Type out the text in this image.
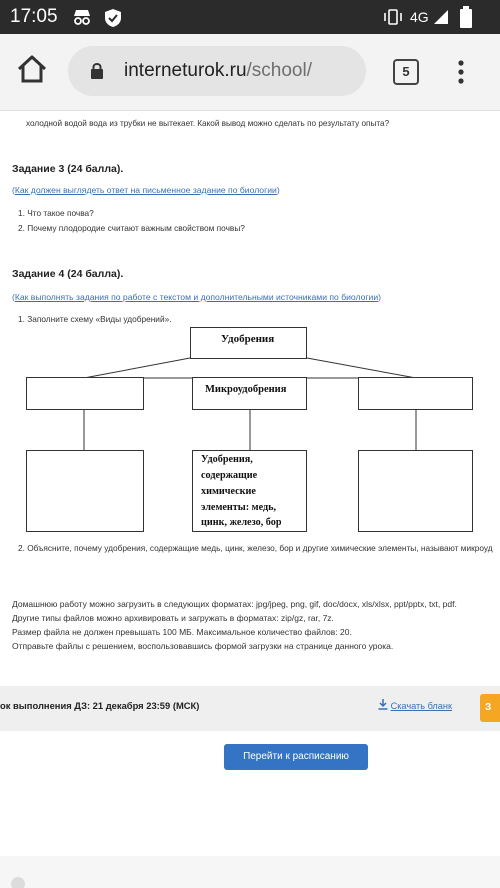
17:05	4G
interneturok.ru/school/	5
холодной водой вода из трубки не вытекает. Какой вывод можно сделать по результату опыта?
Задание 3 (24 балла).
(Как должен выглядеть ответ на письменное задание по биологии)
1. Что такое почва?
2. Почему плодородие считают важным свойством почвы?
Задание 4 (24 балла).
(Как выполнять задания по работе с текстом и дополнительными источниками по биологии)
1. Заполните схему «Виды удобрений».
Удобрения
Микроудобрения
Удобрения,
содержащие
химические
элементы: медь,
цинк, железо, бор
2. Объясните, почему удобрения, содержащие медь, цинк, железо, бор и другие химические элементы, называют микроуд
Домашнюю работу можно загрузить в следующих форматах: jpg/jpeg, png, gif, doc/docx, xls/xlsx, ppt/pptx, txt, pdf.
Другие типы файлов можно архивировать и загружать в форматах: zip/gz, rar, 7z.
Размер файла не должен превышать 100 МБ. Максимальное количество файлов: 20.
Отправьте файлы с решением, воспользовавшись формой загрузки на странице данного урока.
ок выполнения ДЗ: 21 декабря 23:59 (МСК)	Скачать бланк	З
Перейти к расписанию
